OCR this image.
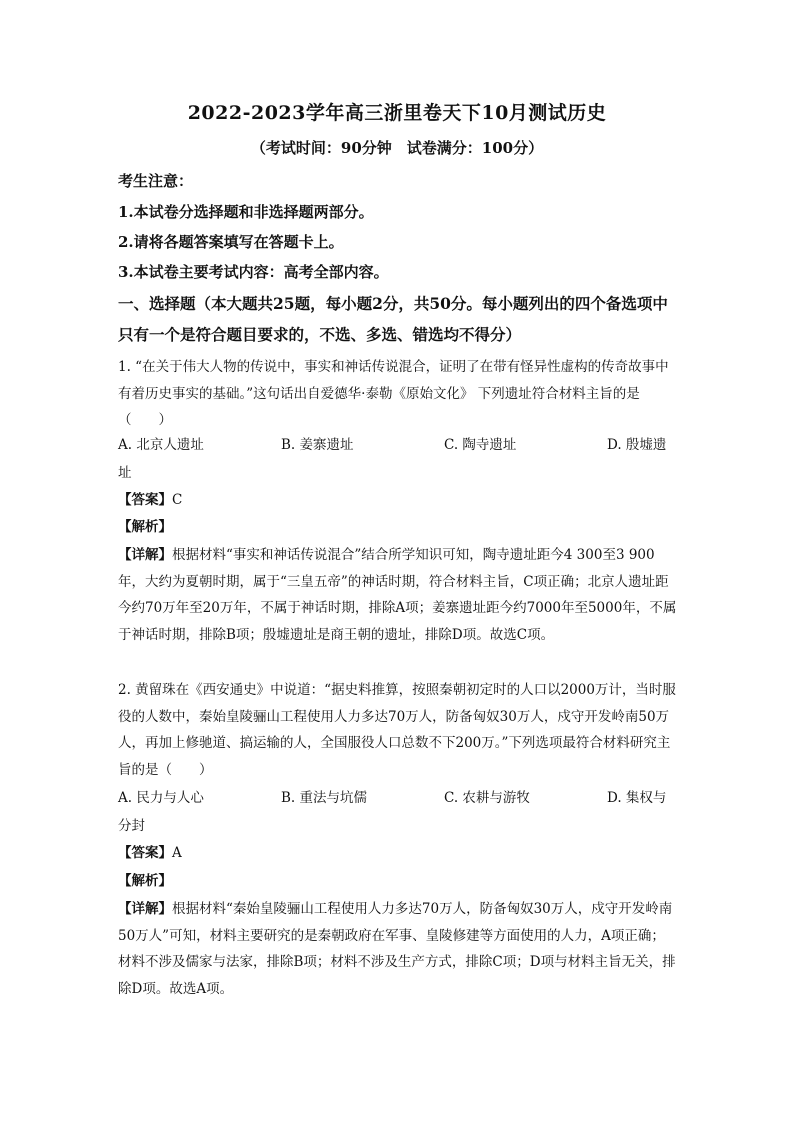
2022-2023学年高三浙里卷天下10月测试历史
（考试时间：90分钟　试卷满分：100分）
考生注意：
1.本试卷分选择题和非选择题两部分。
2.请将各题答案填写在答题卡上。
3.本试卷主要考试内容：高考全部内容。
一、选择题（本大题共25题，每小题2分，共50分。每小题列出的四个备选项中只有一个是符合题目要求的，不选、多选、错选均不得分）
1. “在关于伟大人物的传说中，事实和神话传说混合，证明了在带有怪异性虚构的传奇故事中有着历史事实的基础。”这句话出自爱德华·泰勒《原始文化》 下列遗址符合材料主旨的是（　　）
A. 北京人遗址	B. 姜寨遗址	C. 陶寺遗址	D. 殷墟遗
址
【答案】C
【解析】
【详解】根据材料“事实和神话传说混合”结合所学知识可知，陶寺遗址距今4 300至3 900年，大约为夏朝时期，属于“三皇五帝”的神话时期，符合材料主旨，C项正确；北京人遗址距今约70万年至20万年，不属于神话时期，排除A项；姜寨遗址距今约7000年至5000年，不属于神话时期，排除B项；殷墟遗址是商王朝的遗址，排除D项。故选C项。
2. 黄留珠在《西安通史》中说道：“据史料推算，按照秦朝初定时的人口以2000万计，当时服役的人数中，秦始皇陵骊山工程使用人力多达70万人，防备匈奴30万人，戍守开发岭南50万人，再加上修驰道、搞运输的人，全国服役人口总数不下200万。”下列选项最符合材料研究主旨的是（　　）
A. 民力与人心	B. 重法与坑儒	C. 农耕与游牧	D. 集权与
分封
【答案】A
【解析】
【详解】根据材料“秦始皇陵骊山工程使用人力多达70万人，防备匈奴30万人，戍守开发岭南50万人”可知，材料主要研究的是秦朝政府在军事、皇陵修建等方面使用的人力，A项正确；材料不涉及儒家与法家，排除B项；材料不涉及生产方式，排除C项；D项与材料主旨无关，排除D项。故选A项。
